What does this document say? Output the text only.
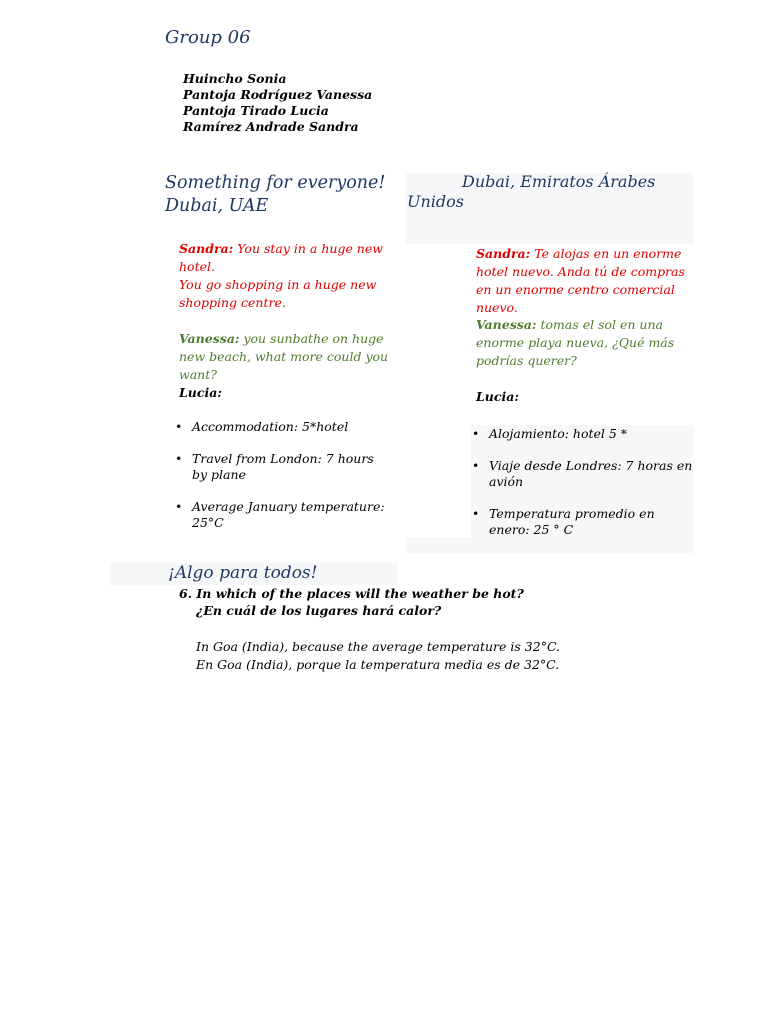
Group 06
Huincho Sonia
Pantoja Rodríguez Vanessa
Pantoja Tirado Lucia
Ramírez Andrade Sandra
Something for everyone!
Dubai, UAE
Sandra: You stay in a huge new hotel.
You go shopping in a huge new shopping centre.
Vanessa: you sunbathe on huge new beach, what more could you want?
Lucia:
• Accommodation: 5*hotel
• Travel from London: 7 hours by plane
• Average January temperature: 25°C
Dubai, Emiratos Árabes
Unidos
Sandra: Te alojas en un enorme hotel nuevo. Anda tú de compras en un enorme centro comercial nuevo.
Vanessa: tomas el sol en una enorme playa nueva, ¿Qué más podrías querer?
Lucia:
• Alojamiento: hotel 5 *
• Viaje desde Londres: 7 horas en avión
• Temperatura promedio en enero: 25 ° C
¡Algo para todos!
6. In which of the places will the weather be hot?
¿En cuál de los lugares hará calor?
In Goa (India), because the average temperature is 32°C.
En Goa (India), porque la temperatura media es de 32°C.
